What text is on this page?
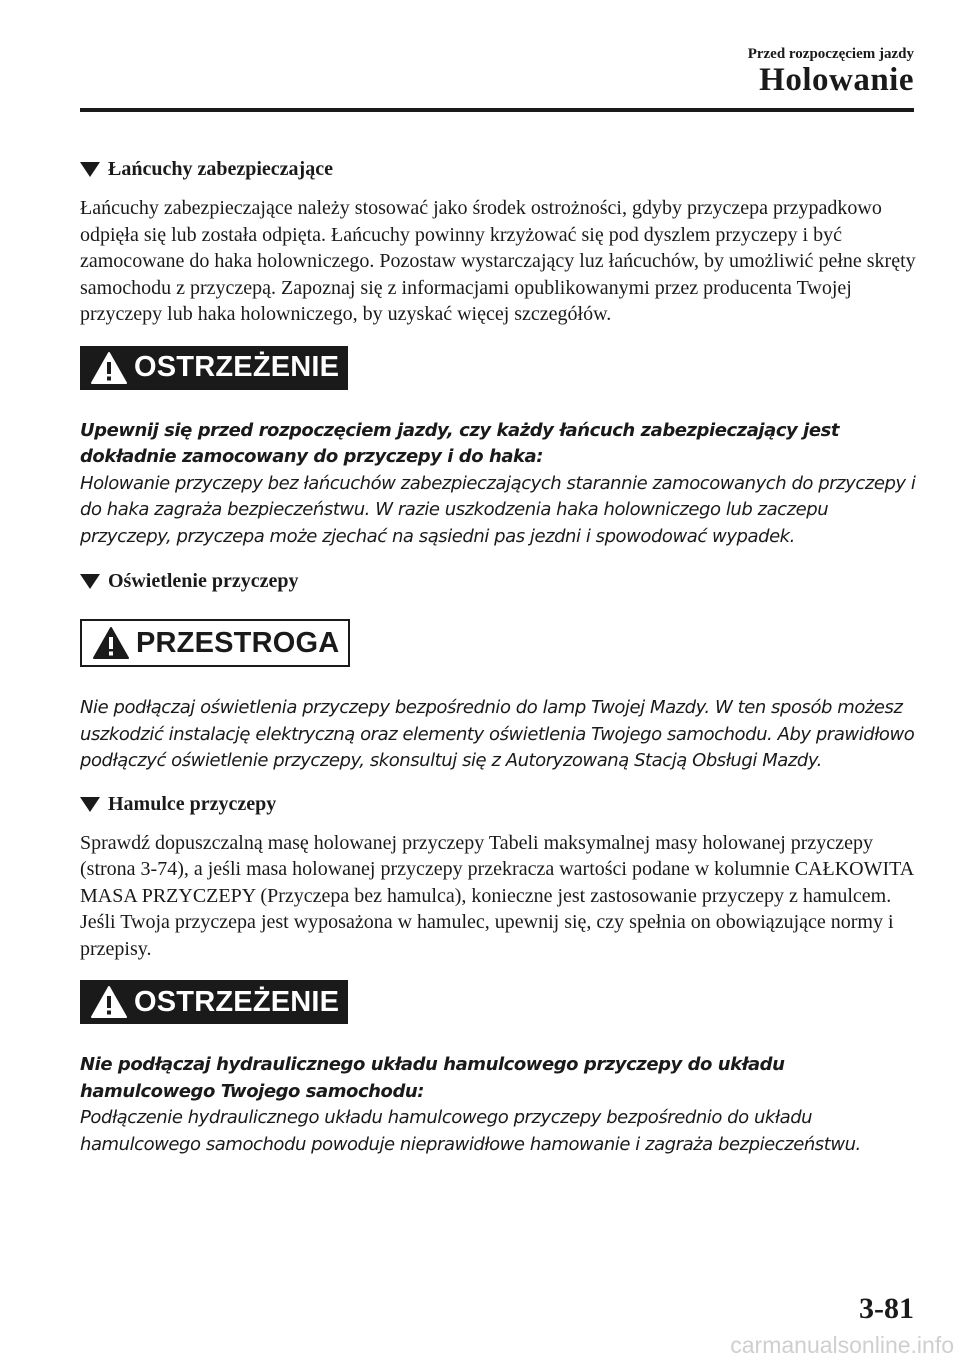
Przed rozpoczęciem jazdy
Holowanie
Łańcuchy zabezpieczające

Łańcuchy zabezpieczające należy stosować jako środek ostrożności, gdyby przyczepa przypadkowo odpięła się lub została odpięta. Łańcuchy powinny krzyżować się pod dyszlem przyczepy i być zamocowane do haka holowniczego. Pozostaw wystarczający luz łańcuchów, by umożliwić pełne skręty samochodu z przyczepą. Zapoznaj się z informacjami opublikowanymi przez producenta Twojej przyczepy lub haka holowniczego, by uzyskać więcej szczegółów.

OSTRZEŻENIE

Upewnij się przed rozpoczęciem jazdy, czy każdy łańcuch zabezpieczający jest dokładnie zamocowany do przyczepy i do haka:

Holowanie przyczepy bez łańcuchów zabezpieczających starannie zamocowanych do przyczepy i do haka zagraża bezpieczeństwu. W razie uszkodzenia haka holowniczego lub zaczepu przyczepy, przyczepa może zjechać na sąsiedni pas jezdni i spowodować wypadek.

Oświetlenie przyczepy
PRZESTROGA

Nie podłączaj oświetlenia przyczepy bezpośrednio do lamp Twojej Mazdy. W ten sposób możesz uszkodzić instalację elektryczną oraz elementy oświetlenia Twojego samochodu. Aby prawidłowo podłączyć oświetlenie przyczepy, skonsultuj się z Autoryzowaną Stacją Obsługi Mazdy.

Hamulce przyczepy

Sprawdź dopuszczalną masę holowanej przyczepy Tabeli maksymalnej masy holowanej przyczepy (strona 3-74), a jeśli masa holowanej przyczepy przekracza wartości podane w kolumnie CAŁKOWITA MASA PRZYCZEPY (Przyczepa bez hamulca), konieczne jest zastosowanie przyczepy z hamulcem.

Jeśli Twoja przyczepa jest wyposażona w hamulec, upewnij się, czy spełnia on obowiązujące normy i przepisy.

OSTRZEŻENIE

Nie podłączaj hydraulicznego układu hamulcowego przyczepy do układu hamulcowego Twojego samochodu:

Podłączenie hydraulicznego układu hamulcowego przyczepy bezpośrednio do układu hamulcowego samochodu powoduje nieprawidłowe hamowanie i zagraża bezpieczeństwu.

3-81
carmanualsonline.info
